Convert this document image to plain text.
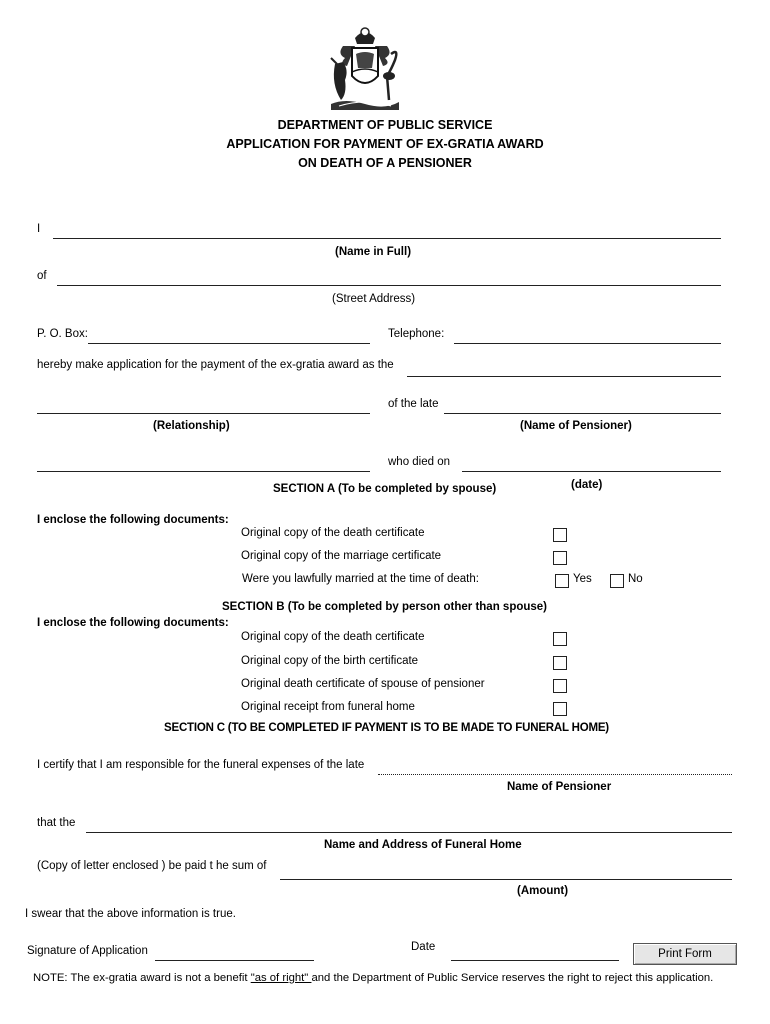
DEPARTMENT OF PUBLIC SERVICE
APPLICATION FOR PAYMENT OF EX-GRATIA AWARD
ON DEATH OF A PENSIONER
I
(Name in Full)
of
(Street Address)
P. O. Box:	Telephone:
hereby make application for the payment of the ex-gratia award as the
of the late
(Relationship)	(Name of Pensioner)
who died on
(date)
SECTION A (To be completed by spouse)
I enclose the following documents:
Original copy of the death certificate
Original copy of the marriage certificate
Were you lawfully married at the time of death:	Yes	No
SECTION B (To be completed by person other than spouse)
I enclose the following documents:
Original copy of the death certificate
Original copy of the birth certificate
Original death certificate of spouse of pensioner
Original receipt from funeral home
SECTION C (TO BE COMPLETED IF PAYMENT IS TO BE MADE TO FUNERAL HOME)
I certify that I am responsible for the funeral expenses of the late
Name of Pensioner
that the
Name and Address of Funeral Home
(Copy of letter enclosed ) be paid t he sum of
(Amount)
I swear that the above information is true.
Signature of Application	Date
Print Form
NOTE: The ex-gratia award is not a benefit "as of right" and the Department of Public Service reserves the right to reject this application.
